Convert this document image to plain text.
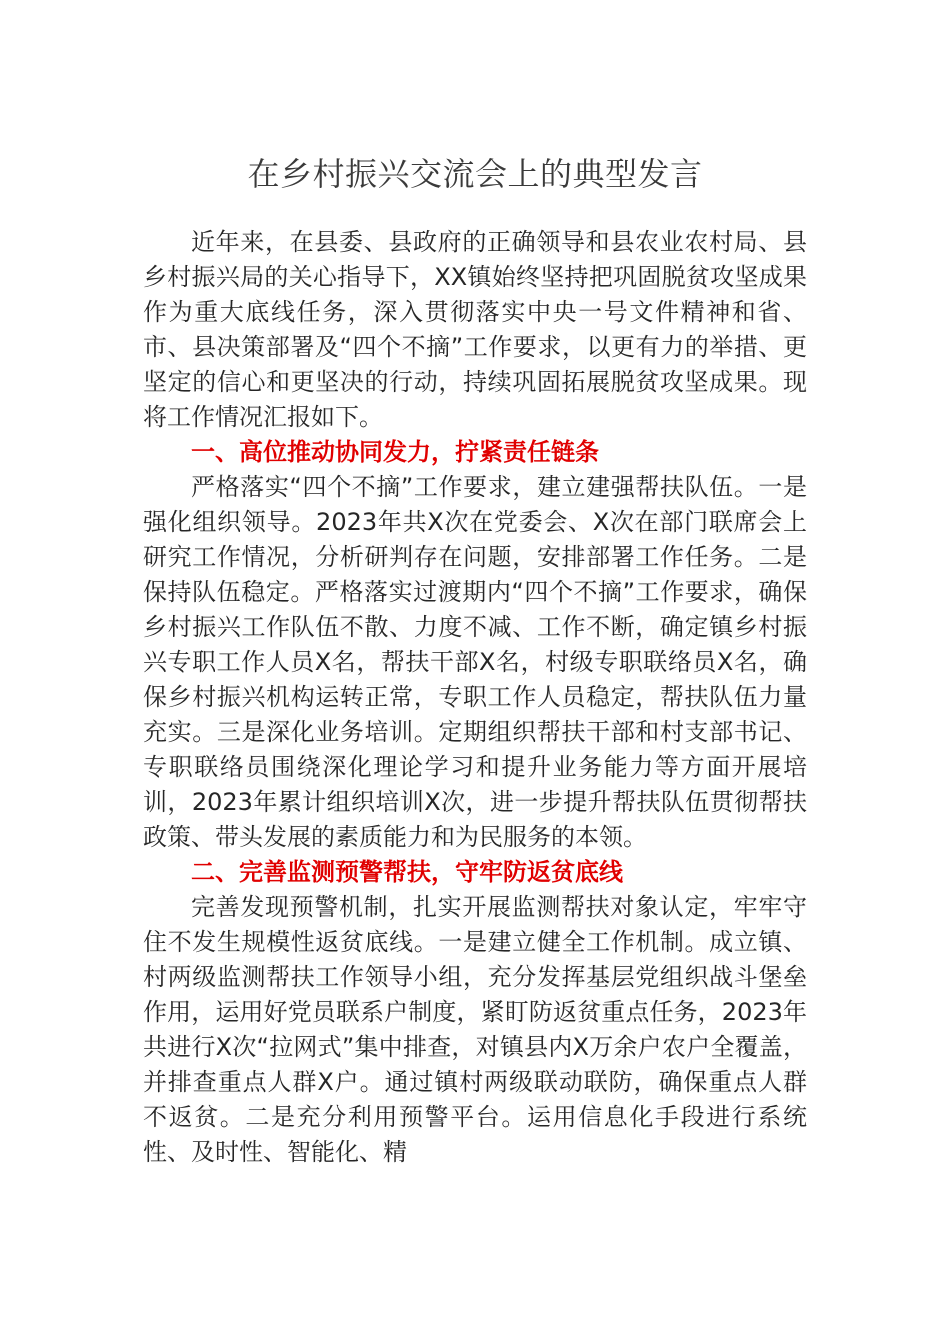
在乡村振兴交流会上的典型发言

近年来，在县委、县政府的正确领导和县农业农村局、县乡村振兴局的关心指导下，XX镇始终坚持把巩固脱贫攻坚成果作为重大底线任务，深入贯彻落实中央一号文件精神和省、市、县决策部署及“四个不摘”工作要求，以更有力的举措、更坚定的信心和更坚决的行动，持续巩固拓展脱贫攻坚成果。现将工作情况汇报如下。

一、高位推动协同发力，拧紧责任链条

严格落实“四个不摘”工作要求，建立建强帮扶队伍。一是强化组织领导。2023年共X次在党委会、X次在部门联席会上研究工作情况，分析研判存在问题，安排部署工作任务。二是保持队伍稳定。严格落实过渡期内“四个不摘”工作要求，确保乡村振兴工作队伍不散、力度不减、工作不断，确定镇乡村振兴专职工作人员X名，帮扶干部X名，村级专职联络员X名，确保乡村振兴机构运转正常，专职工作人员稳定，帮扶队伍力量充实。三是深化业务培训。定期组织帮扶干部和村支部书记、专职联络员围绕深化理论学习和提升业务能力等方面开展培训，2023年累计组织培训X次，进一步提升帮扶队伍贯彻帮扶政策、带头发展的素质能力和为民服务的本领。

二、完善监测预警帮扶，守牢防返贫底线

完善发现预警机制，扎实开展监测帮扶对象认定，牢牢守住不发生规模性返贫底线。一是建立健全工作机制。成立镇、村两级监测帮扶工作领导小组，充分发挥基层党组织战斗堡垒作用，运用好党员联系户制度，紧盯防返贫重点任务，2023年共进行X次“拉网式”集中排查，对镇县内X万余户农户全覆盖，并排查重点人群X户。通过镇村两级联动联防，确保重点人群不返贫。二是充分利用预警平台。运用信息化手段进行系统性、及时性、智能化、精
